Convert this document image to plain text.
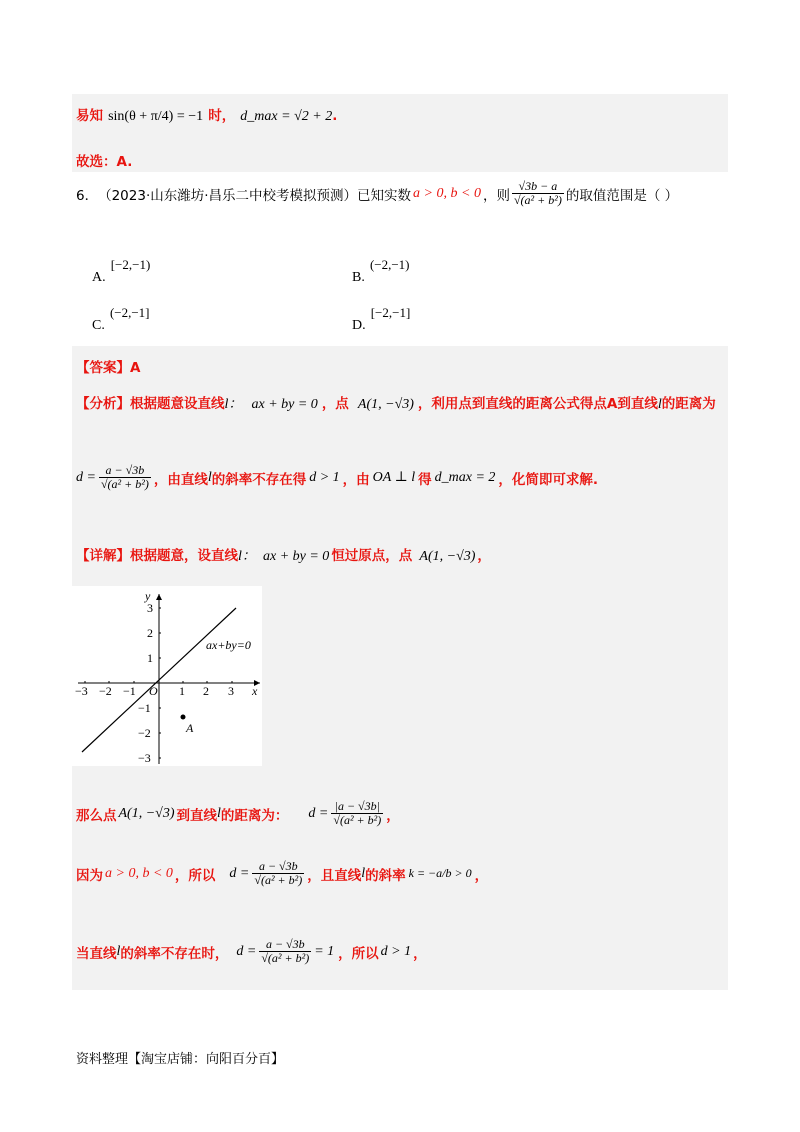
易知 sin(θ + π/4) = −1 时， d_max = √2 + 2.
故选：A.
6． （2023·山东潍坊·昌乐二中校考模拟预测）已知实数 a > 0, b < 0 ，则 $\frac{√3b - a}{\text{√(a² + b²)}}$ 的取值范围是（ ）
A. [−2,−1)
B. (−2,−1)
C. (−2,−1]
D. [−2,−1]
【答案】A
【分析】根据题意设直线l： ax + by = 0 ，点 A(1, −√3) ，利用点到直线的距离公式得点A到直线l的距离为
$d = \frac{a - √3b}{\text{√(a² + b²)}}$ ，由直线 l 的斜率不存在得 d > 1 ，由 OA ⊥ l 得 d_max = 2 ，化简即可求解.
【详解】根据题意，设直线l： ax + by = 0 恒过原点，点 A(1, −√3) ，
−3 −2 −1	1 2 3 x
O
3
2
1
−1
−2
−3
y
ax+by=0
A
那么点 A(1, −√3) 到直线 l 的距离为： $d = \frac{|a - √3b|}{\text{√(a² + b²)}}$ ，
因为 a > 0, b < 0 ，所以 $d = \frac{a - √3b}{\text{√(a² + b²)}}$ ，且直线 l 的斜率 k = −a/b > 0 ，
当直线 l 的斜率不存在时， $d = \frac{a - √3b}{\text{√(a² + b²)}} = 1$ ，所以 d > 1 ，
资料整理【淘宝店铺：向阳百分百】
